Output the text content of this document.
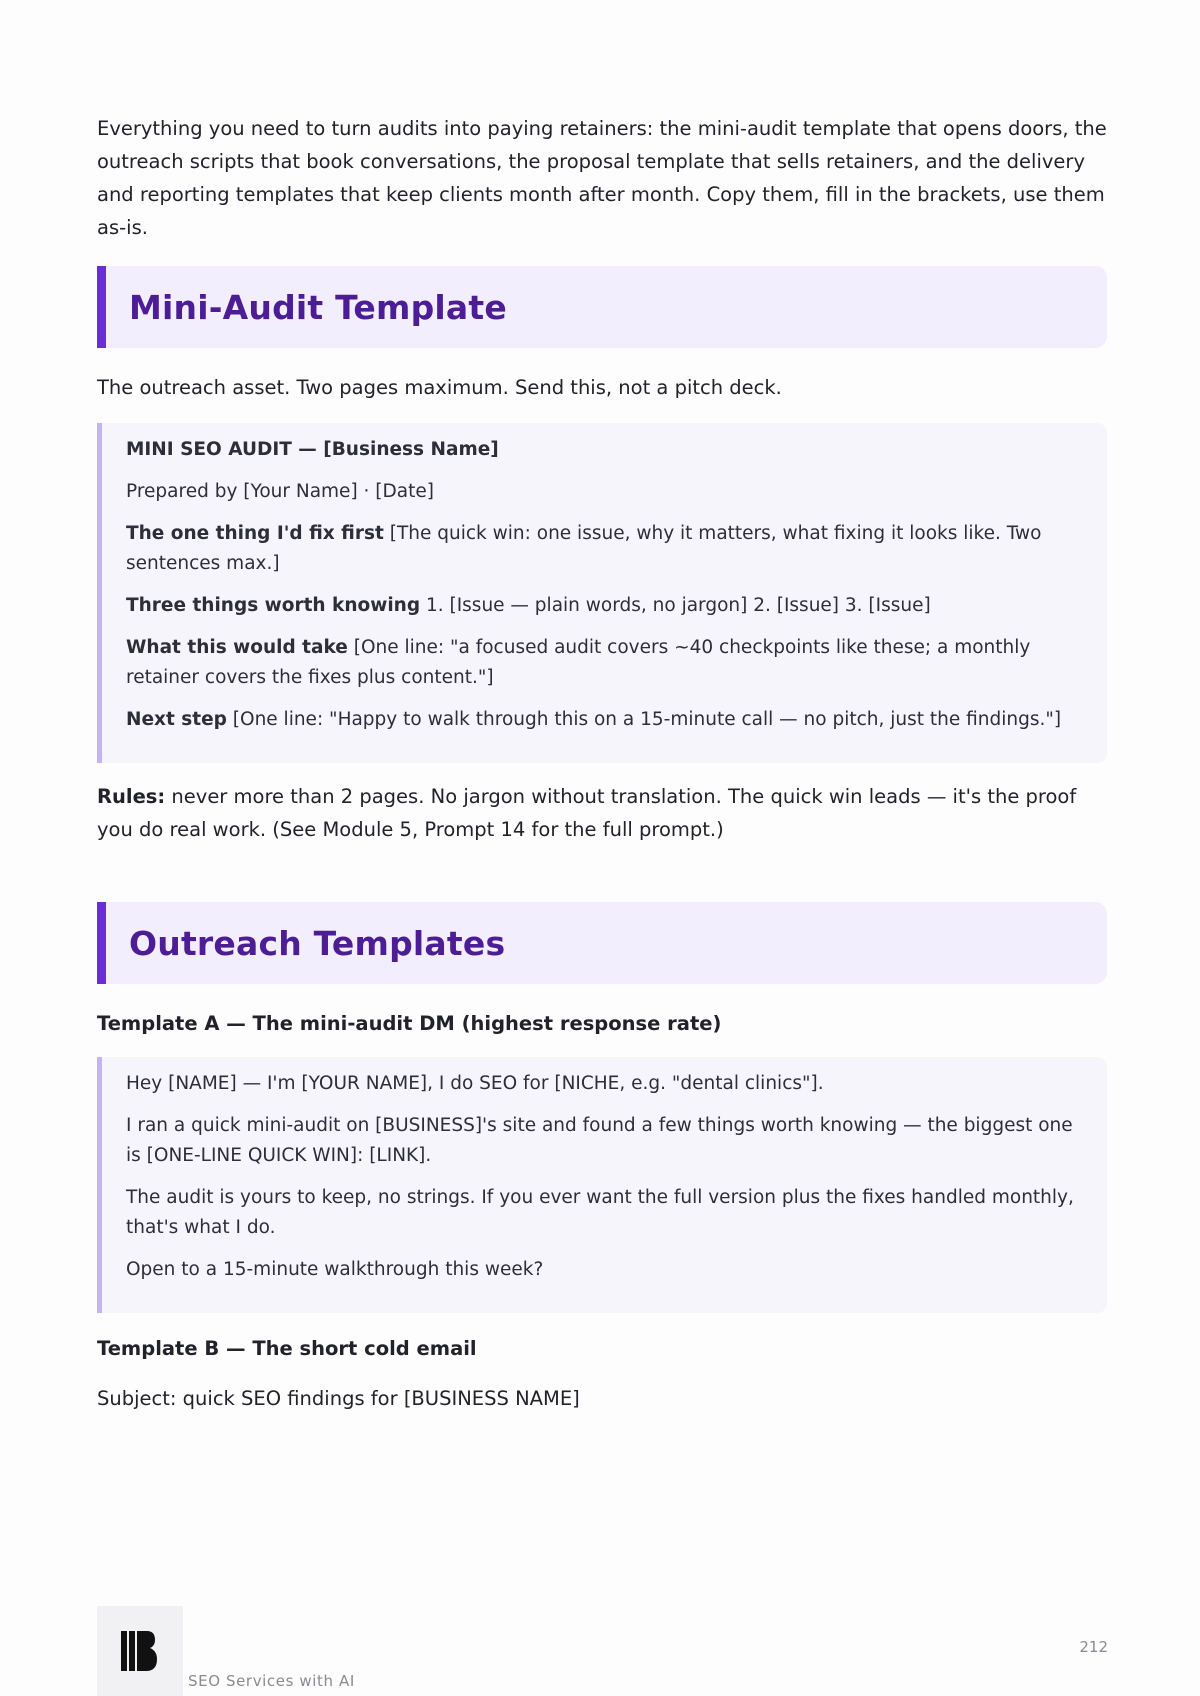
Everything you need to turn audits into paying retainers: the mini-audit template that opens doors, the outreach scripts that book conversations, the proposal template that sells retainers, and the delivery and reporting templates that keep clients month after month. Copy them, fill in the brackets, use them as-is.

Mini-Audit Template

The outreach asset. Two pages maximum. Send this, not a pitch deck.

MINI SEO AUDIT — [Business Name]

Prepared by [Your Name] · [Date]

The one thing I'd fix first [The quick win: one issue, why it matters, what fixing it looks like. Two sentences max.]

Three things worth knowing 1. [Issue — plain words, no jargon] 2. [Issue] 3. [Issue]

What this would take [One line: "a focused audit covers ~40 checkpoints like these; a monthly retainer covers the fixes plus content."]

Next step [One line: "Happy to walk through this on a 15-minute call — no pitch, just the findings."]

Rules: never more than 2 pages. No jargon without translation. The quick win leads — it's the proof you do real work. (See Module 5, Prompt 14 for the full prompt.)

Outreach Templates

Template A — The mini-audit DM (highest response rate)

Hey [NAME] — I'm [YOUR NAME], I do SEO for [NICHE, e.g. "dental clinics"].

I ran a quick mini-audit on [BUSINESS]'s site and found a few things worth knowing — the biggest one is [ONE-LINE QUICK WIN]: [LINK].

The audit is yours to keep, no strings. If you ever want the full version plus the fixes handled monthly, that's what I do.

Open to a 15-minute walkthrough this week?

Template B — The short cold email

Subject: quick SEO findings for [BUSINESS NAME]

SEO Services with AI
212
